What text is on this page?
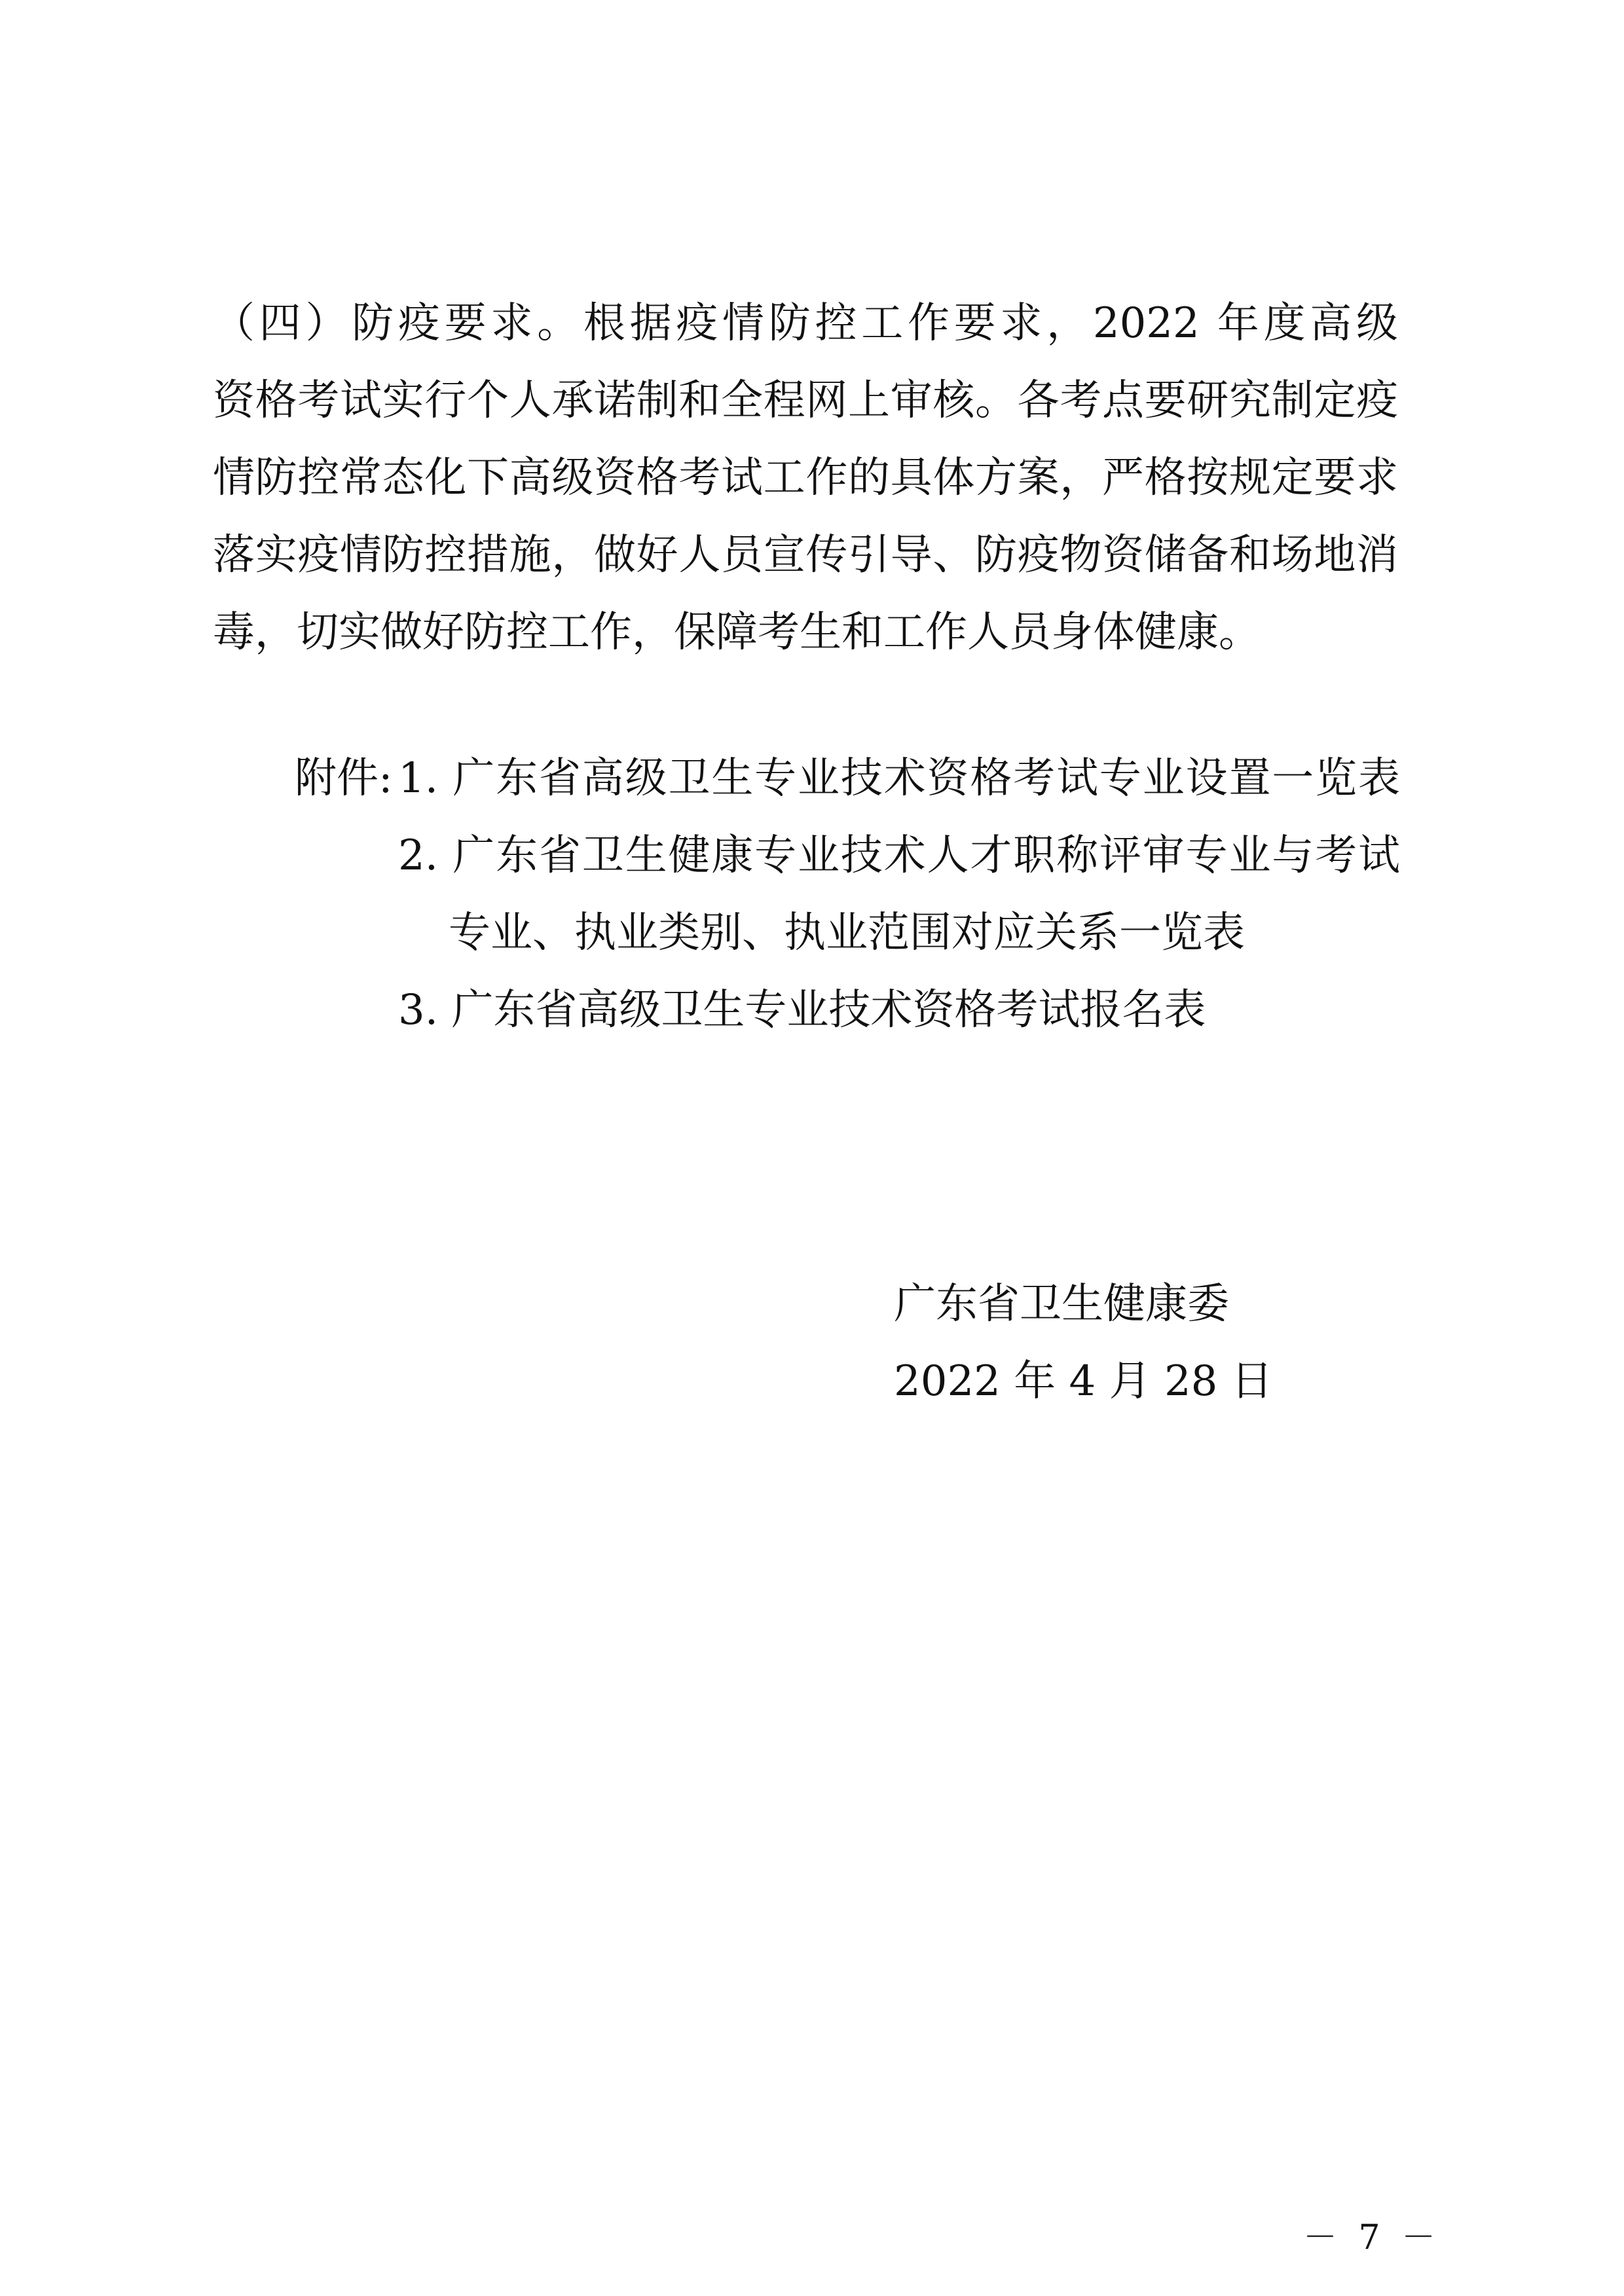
（四）防疫要求。根据疫情防控工作要求，2022 年度高级
资格考试实行个人承诺制和全程网上审核。各考点要研究制定疫
情防控常态化下高级资格考试工作的具体方案，严格按规定要求
落实疫情防控措施，做好人员宣传引导、防疫物资储备和场地消
毒，切实做好防控工作，保障考生和工作人员身体健康。
附件: 1. 广东省高级卫生专业技术资格考试专业设置一览表
2. 广东省卫生健康专业技术人才职称评审专业与考试
专业、执业类别、执业范围对应关系一览表
3. 广东省高级卫生专业技术资格考试报名表
广东省卫生健康委
2022 年 4 月 28 日
－ 7 －
